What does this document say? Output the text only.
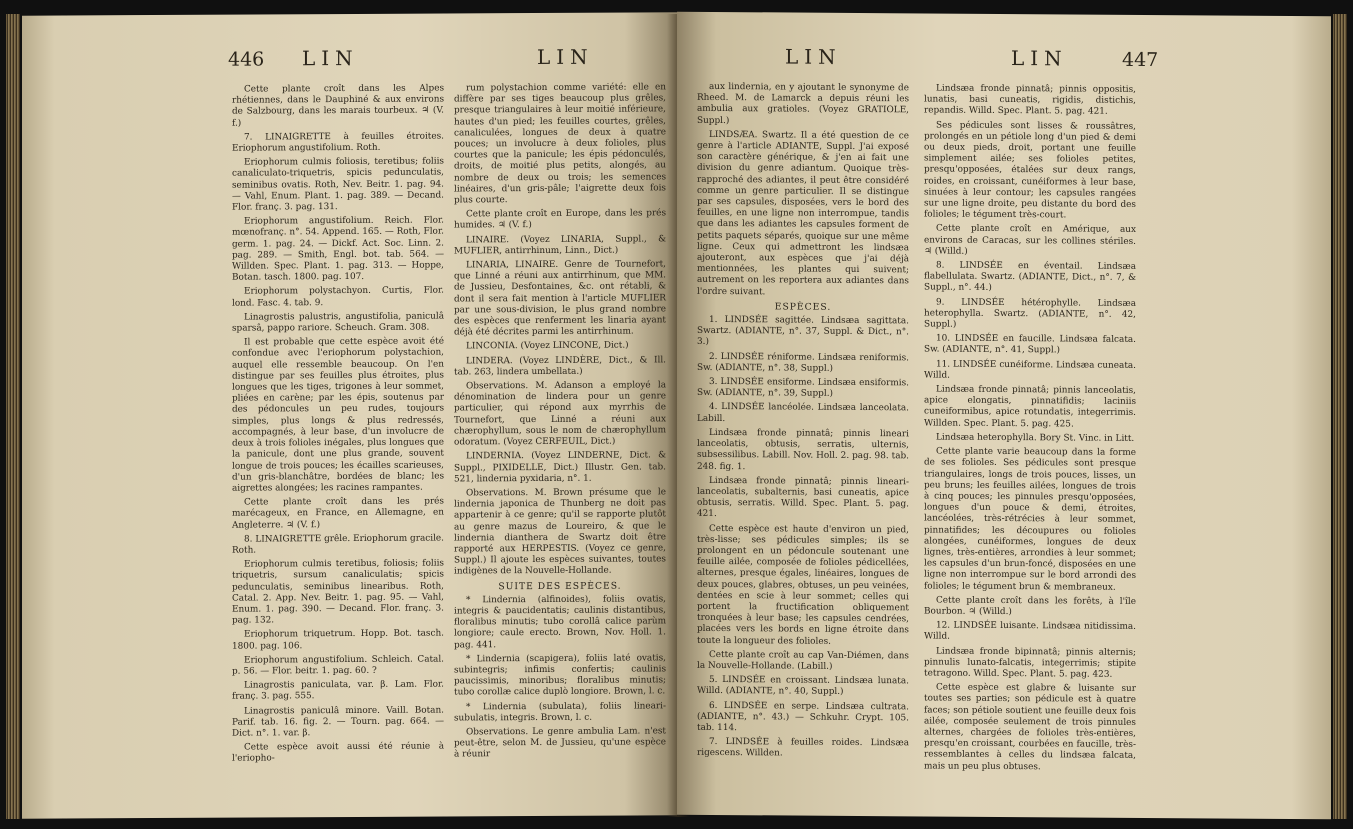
446 LIN	LIN

Cette plante croît dans les Alpes rhétiennes, dans le Dauphiné & aux environs de Salzbourg, dans les marais tourbeux. ♃ (V. f.)

7. LINAIGRETTE à feuilles étroites. Eriophorum angustifolium. Roth.

Eriophorum culmis foliosis, teretibus; foliis canaliculato-triquetris, spicis pedunculatis, seminibus ovatis. Roth, Nev. Beitr. 1. pag. 94. — Vahl, Enum. Plant. 1. pag. 389. — Decand. Flor. franç. 3. pag. 131.

Eriophorum angustifolium. Reich. Flor. mœnofranç. n°. 54. Append. 165. — Roth, Flor. germ. 1. pag. 24. — Dickf. Act. Soc. Linn. 2. pag. 289. — Smith, Engl. bot. tab. 564. — Willden. Spec. Plant. 1. pag. 313. — Hoppe, Botan. tasch. 1800. pag. 107.

Eriophorum polystachyon. Curtis, Flor. lond. Fasc. 4. tab. 9.

Linagrostis palustris, angustifolia, paniculâ sparsâ, pappo rariore. Scheuch. Gram. 308.

Il est probable que cette espèce avoit été confondue avec l'eriophorum polystachion, auquel elle ressemble beaucoup. On l'en distingue par ses feuilles plus étroites, plus longues que les tiges, trigones à leur sommet, pliées en carène; par les épis, soutenus par des pédoncules un peu rudes, toujours simples, plus longs & plus redressés, accompagnés, à leur base, d'un involucre de deux à trois folioles inégales, plus longues que la panicule, dont une plus grande, souvent longue de trois pouces; les écailles scarieuses, d'un gris-blanchâtre, bordées de blanc; les aigrettes alongées; les racines rampantes.

Cette plante croît dans les prés marécageux, en France, en Allemagne, en Angleterre. ♃ (V. f.)

8. LINAIGRETTE grêle. Eriophorum gracile. Roth.

Eriophorum culmis teretibus, foliosis; foliis triquetris, sursum canaliculatis; spicis pedunculatis, seminibus linearibus. Roth, Catal. 2. App. Nev. Beitr. 1. pag. 95. — Vahl, Enum. 1. pag. 390. — Decand. Flor. franç. 3. pag. 132.

Eriophorum triquetrum. Hopp. Bot. tasch. 1800. pag. 106.

Eriophorum angustifolium. Schleich. Catal. p. 56. — Flor. beitr. 1. pag. 60. ?

Linagrostis paniculata, var. β. Lam. Flor. franç. 3. pag. 555.

Linagrostis paniculâ minore. Vaill. Botan. Parif. tab. 16. fig. 2. — Tourn. pag. 664. — Dict. n°. 1. var. β.

Cette espèce avoit aussi été réunie à l'eriopho-

rum polystachion comme variété: elle en diffère par ses tiges beaucoup plus grêles, presque triangulaires à leur moitié inférieure, hautes d'un pied; les feuilles courtes, grêles, canaliculées, longues de deux à quatre pouces; un involucre à deux folioles, plus courtes que la panicule; les épis pédonculés, droits, de moitié plus petits, alongés, au nombre de deux ou trois; les semences linéaires, d'un gris-pâle; l'aigrette deux fois plus courte.

Cette plante croît en Europe, dans les prés humides. ♃ (V. f.)

LINAIRE. (Voyez LINARIA, Suppl., & MUFLIER, antirrhinum, Linn., Dict.)

LINARIA, LINAIRE. Genre de Tournefort, que Linné a réuni aux antirrhinum, que MM. de Jussieu, Desfontaines, &c. ont rétabli, & dont il sera fait mention à l'article MUFLIER par une sous-division, le plus grand nombre des espèces que renferment les linaria ayant déjà été décrites parmi les antirrhinum.

LINCONIA. (Voyez LINCONE, Dict.)

LINDERA. (Voyez LINDÈRE, Dict., & Ill. tab. 263, lindera umbellata.)

Observations. M. Adanson a employé la dénomination de lindera pour un genre particulier, qui répond aux myrrhis de Tournefort, que Linné a réuni aux chærophyllum, sous le nom de chærophyllum odoratum. (Voyez CERFEUIL, Dict.)

LINDERNIA. (Voyez LINDERNE, Dict. & Suppl., PIXIDELLE, Dict.) Illustr. Gen. tab. 521, lindernia pyxidaria, n°. 1.

Observations. M. Brown présume que le lindernia japonica de Thunberg ne doit pas appartenir à ce genre; qu'il se rapporte plutôt au genre mazus de Loureiro, & que le lindernia dianthera de Swartz doit être rapporté aux HERPESTIS. (Voyez ce genre, Suppl.) Il ajoute les espèces suivantes, toutes indigènes de la Nouvelle-Hollande.

SUITE DES ESPÈCES.

* Lindernia (alfinoides), foliis ovatis, integris & paucidentatis; caulinis distantibus, floralibus minutis; tubo corollâ calice parùm longiore; caule erecto. Brown, Nov. Holl. 1. pag. 441.

* Lindernia (scapigera), foliis laté ovatis, subintegris; infimis confertis; caulinis paucissimis, minoribus; floralibus minutis; tubo corollæ calice duplò longiore. Brown, l. c.

* Lindernia (subulata), foliis lineari-subulatis, integris. Brown, l. c.

Observations. Le genre ambulia Lam. n'est peut-être, selon M. de Jussieu, qu'une espèce à réunir

LIN	LIN	447

aux lindernia, en y ajoutant le synonyme de Rheed. M. de Lamarck a depuis réuni les ambulia aux gratioles. (Voyez GRATIOLE, Suppl.)

LINDSÆA. Swartz. Il a été question de ce genre à l'article ADIANTE, Suppl. J'ai exposé son caractère générique, & j'en ai fait une division du genre adiantum. Quoique très-rapproché des adiantes, il peut être considéré comme un genre particulier. Il se distingue par ses capsules, disposées, vers le bord des feuilles, en une ligne non interrompue, tandis que dans les adiantes les capsules forment de petits paquets séparés, quoique sur une même ligne. Ceux qui admettront les lindsæa ajouteront, aux espèces que j'ai déjà mentionnées, les plantes qui suivent; autrement on les reportera aux adiantes dans l'ordre suivant.

ESPÈCES.

1. LINDSÉE sagittée. Lindsæa sagittata. Swartz. (ADIANTE, n°. 37, Suppl. & Dict., n°. 3.)

2. LINDSÉE réniforme. Lindsæa reniformis. Sw. (ADIANTE, n°. 38, Suppl.)

3. LINDSÉE ensiforme. Lindsæa ensiformis. Sw. (ADIANTE, n°. 39, Suppl.)

4. LINDSÉE lancéolée. Lindsæa lanceolata. Labill.

Lindsæa fronde pinnatâ; pinnis lineari lanceolatis, obtusis, serratis, ulternis, subsessilibus. Labill. Nov. Holl. 2. pag. 98. tab. 248. fig. 1.

Lindsæa fronde pinnatâ; pinnis lineari-lanceolatis, subalternis, basi cuneatis, apice obtusis, serratis. Willd. Spec. Plant. 5. pag. 421.

Cette espèce est haute d'environ un pied, très-lisse; ses pédicules simples; ils se prolongent en un pédoncule soutenant une feuille ailée, composée de folioles pédicellées, alternes, presque égales, linéaires, longues de deux pouces, glabres, obtuses, un peu veinées, dentées en scie à leur sommet; celles qui portent la fructification obliquement tronquées à leur base; les capsules cendrées, placées vers les bords en ligne étroite dans toute la longueur des folioles.

Cette plante croît au cap Van-Diémen, dans la Nouvelle-Hollande. (Labill.)

5. LINDSÉE en croissant. Lindsæa lunata. Willd. (ADIANTE, n°. 40, Suppl.)

6. LINDSÉE en serpe. Lindsæa cultrata. (ADIANTE, n°. 43.) — Schkuhr. Crypt. 105. tab. 114.

7. LINDSÉE à feuilles roides. Lindsæa rigescens. Willden.

Lindsæa fronde pinnatâ; pinnis oppositis, lunatis, basi cuneatis, rigidis, distichis, repandis. Willd. Spec. Plant. 5. pag. 421.

Ses pédicules sont lisses & roussâtres, prolongés en un pétiole long d'un pied & demi ou deux pieds, droit, portant une feuille simplement ailée; ses folioles petites, presqu'opposées, étalées sur deux rangs, roides, en croissant, cunéiformes à leur base, sinuées à leur contour; les capsules rangées sur une ligne droite, peu distante du bord des folioles; le tégument très-court.

Cette plante croît en Amérique, aux environs de Caracas, sur les collines stériles. ♃ (Willd.)

8. LINDSÉE en éventail. Lindsæa flabellulata. Swartz. (ADIANTE, Dict., n°. 7, & Suppl., n°. 44.)

9. LINDSÉE hétérophylle. Lindsæa heterophylla. Swartz. (ADIANTE, n°. 42, Suppl.)

10. LINDSÉE en faucille. Lindsæa falcata. Sw. (ADIANTE, n°. 41, Suppl.)

11. LINDSÉE cunéiforme. Lindsæa cuneata. Willd.

Lindsæa fronde pinnatâ; pinnis lanceolatis, apice elongatis, pinnatifidis; laciniis cuneiformibus, apice rotundatis, integerrimis. Willden. Spec. Plant. 5. pag. 425.

Lindsæa heterophylla. Bory St. Vinc. in Litt.

Cette plante varie beaucoup dans la forme de ses folioles. Ses pédicules sont presque triangulaires, longs de trois pouces, lisses, un peu bruns; les feuilles ailées, longues de trois à cinq pouces; les pinnules presqu'opposées, longues d'un pouce & demi, étroites, lancéolées, très-rétrécies à leur sommet, pinnatifides; les découpures ou folioles alongées, cunéiformes, longues de deux lignes, très-entières, arrondies à leur sommet; les capsules d'un brun-foncé, disposées en une ligne non interrompue sur le bord arrondi des folioles; le tégument brun & membraneux.

Cette plante croît dans les forêts, à l'île Bourbon. ♃ (Willd.)

12. LINDSÉE luisante. Lindsæa nitidissima. Willd.

Lindsæa fronde bipinnatâ; pinnis alternis; pinnulis lunato-falcatis, integerrimis; stipite tetragono. Willd. Spec. Plant. 5. pag. 423.

Cette espèce est glabre & luisante sur toutes ses parties; son pédicule est à quatre faces; son pétiole soutient une feuille deux fois ailée, composée seulement de trois pinnules alternes, chargées de folioles très-entières, presqu'en croissant, courbées en faucille, très-ressemblantes à celles du lindsæa falcata, mais un peu plus obtuses.
